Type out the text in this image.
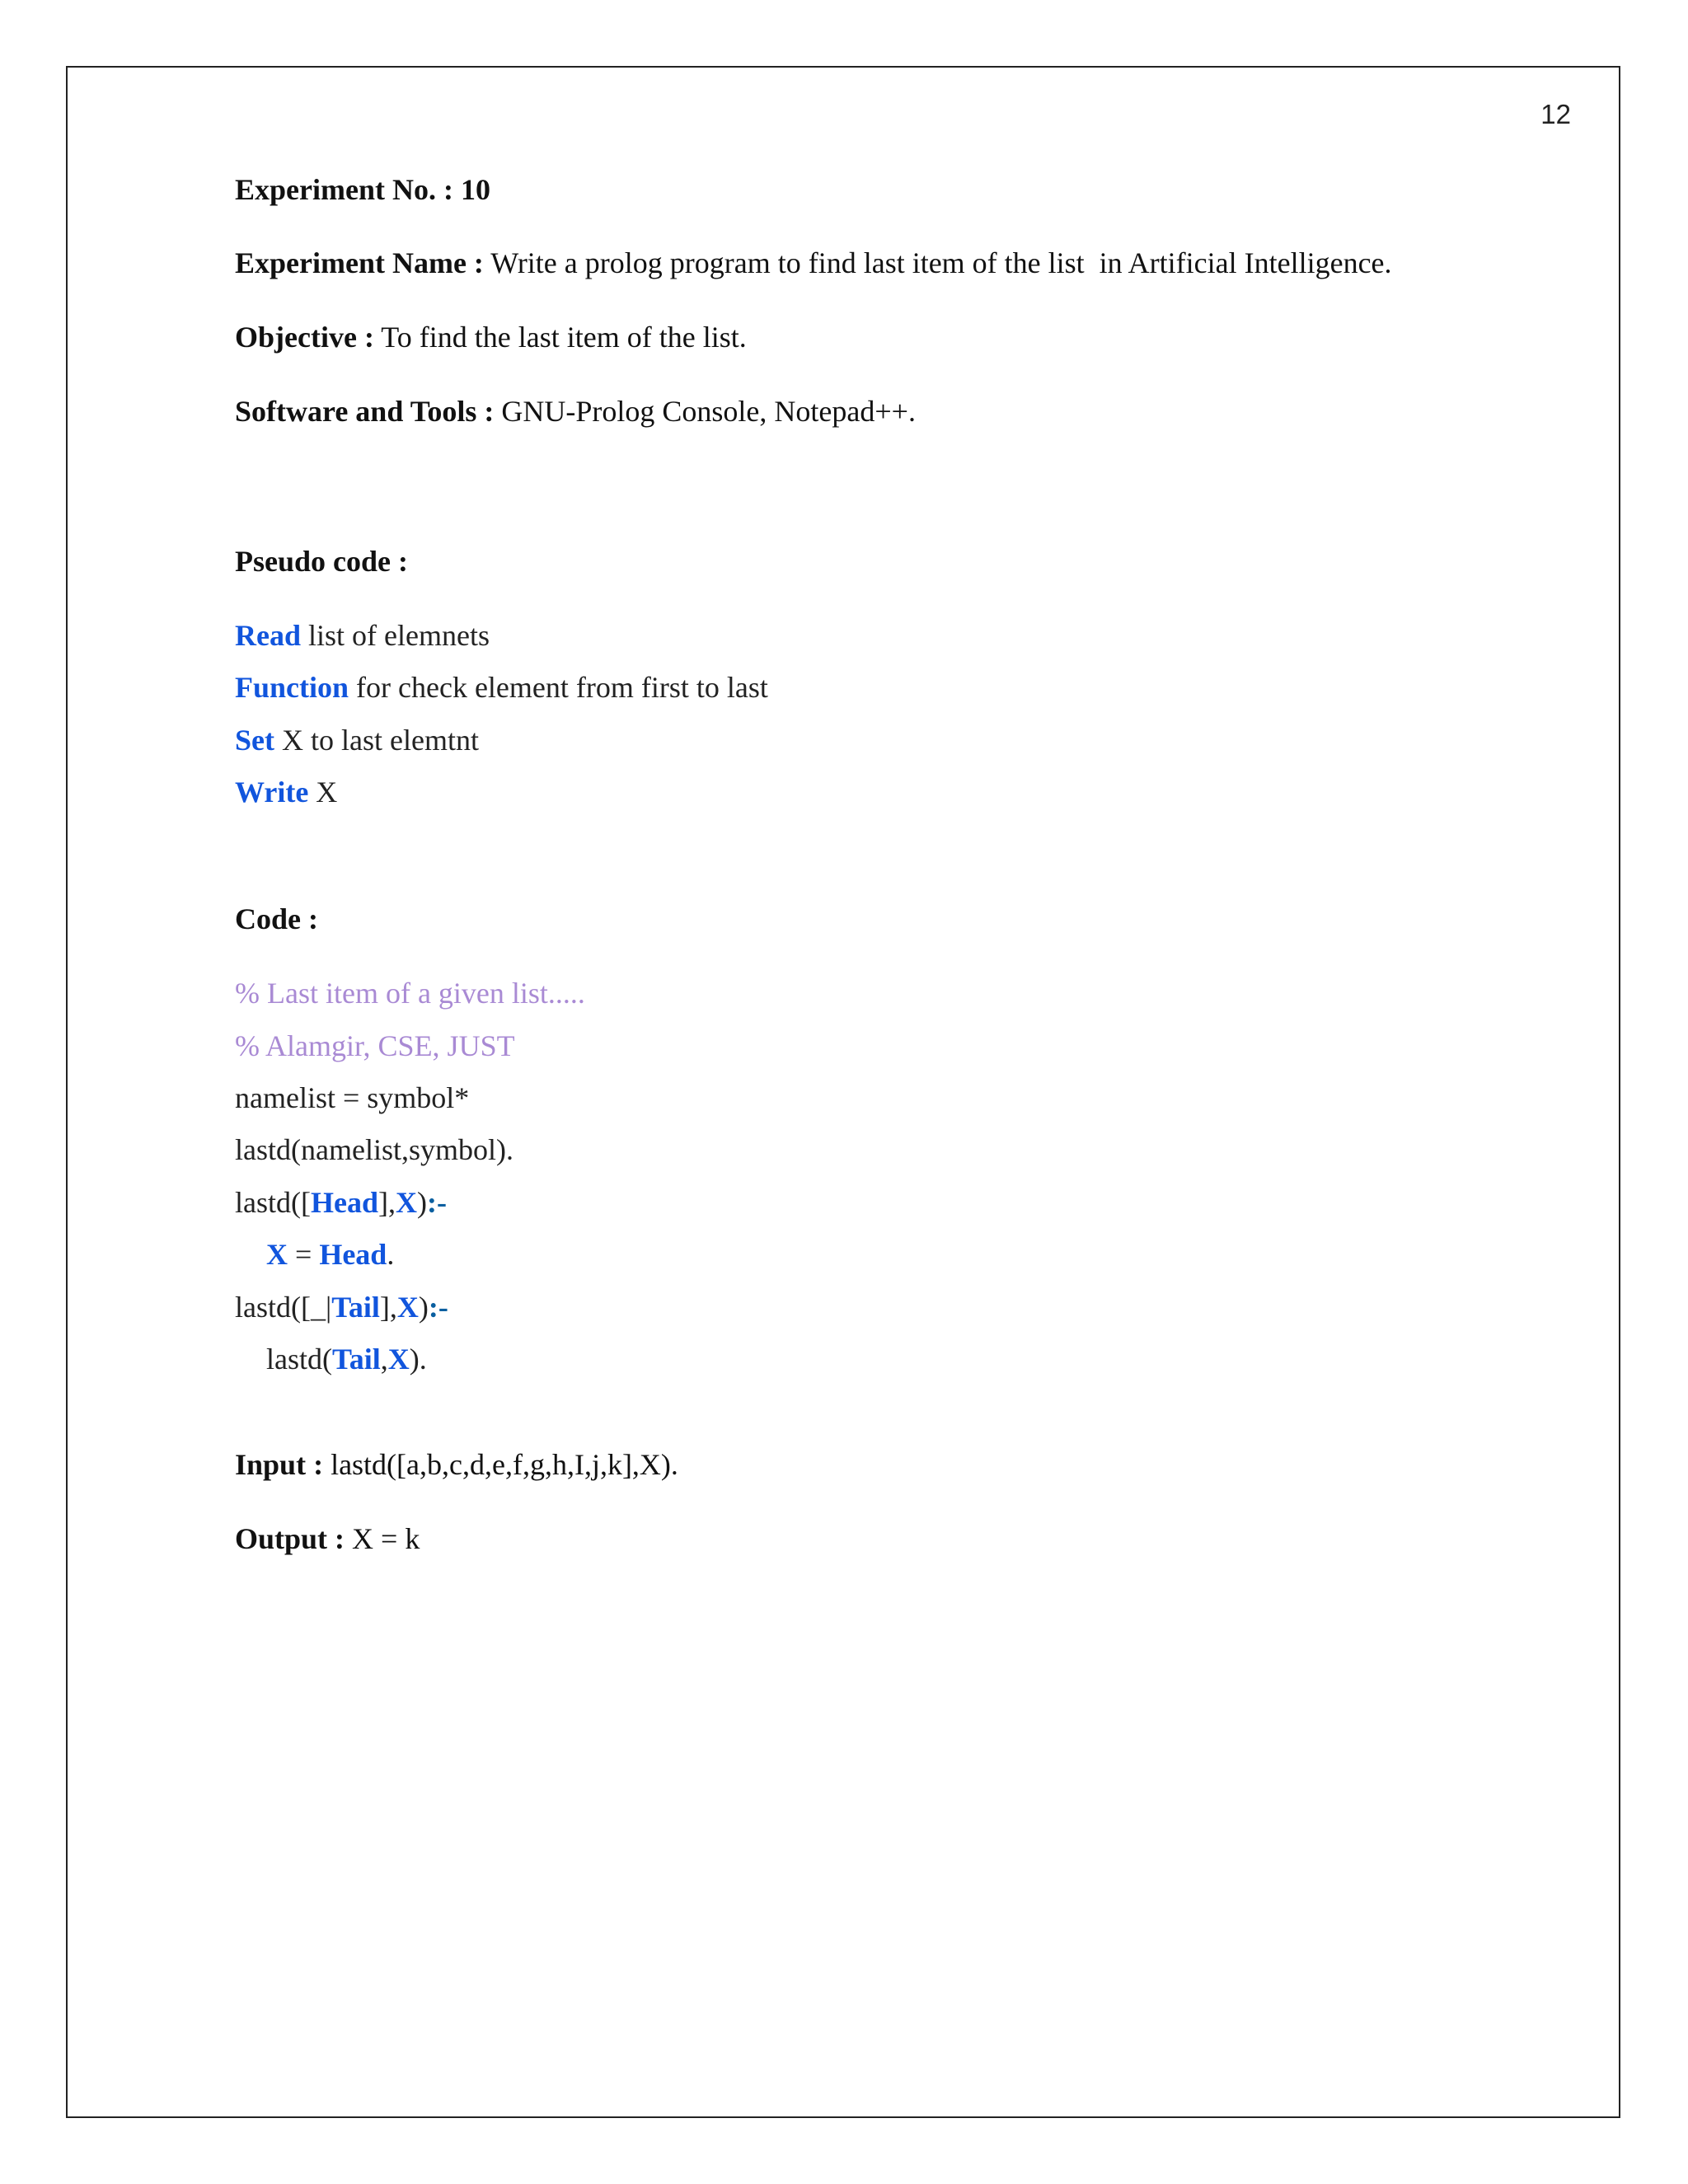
12
Experiment No. : 10
Experiment Name : Write a prolog program to find last item of the list  in Artificial Intelligence.
Objective : To find the last item of the list.
Software and Tools : GNU-Prolog Console, Notepad++.
Pseudo code :
Read list of elemnets
Function for check element from first to last
Set X to last elemtnt
Write X
Code :
% Last item of a given list.....
% Alamgir, CSE, JUST
namelist = symbol*
lastd(namelist,symbol).
lastd([Head],X):-
X = Head.
lastd([_|Tail],X):-
lastd(Tail,X).
Input : lastd([a,b,c,d,e,f,g,h,I,j,k],X).
Output : X = k
